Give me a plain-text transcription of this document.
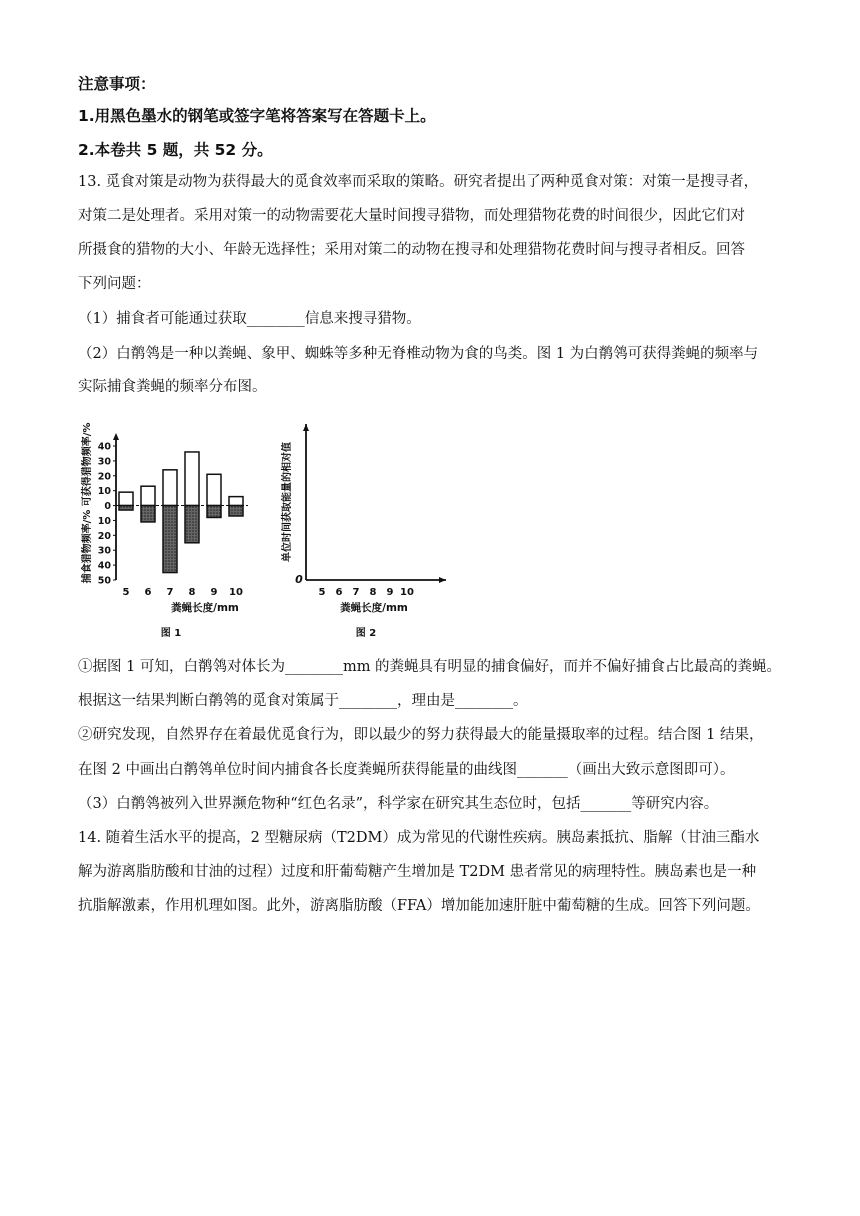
注意事项：
1.用黑色墨水的钢笔或签字笔将答案写在答题卡上。
2.本卷共 5 题，共 52 分。
13. 觅食对策是动物为获得最大的觅食效率而采取的策略。研究者提出了两种觅食对策：对策一是搜寻者，
对策二是处理者。采用对策一的动物需要花大量时间搜寻猎物，而处理猎物花费的时间很少，因此它们对
所摄食的猎物的大小、年龄无选择性；采用对策二的动物在搜寻和处理猎物花费时间与搜寻者相反。回答
下列问题：
（1）捕食者可能通过获取________信息来搜寻猎物。
（2）白鹡鸰是一种以粪蝇、象甲、蜘蛛等多种无脊椎动物为食的鸟类。图 1 为白鹡鸰可获得粪蝇的频率与
实际捕食粪蝇的频率分布图。
40
30
20
10
0
10
20
30
40
50
5 6 7 8 9 10
粪蝇长度/mm
图 1
捕食猎物频率/% 可获得猎物频率/%	0
5 6 7 8 9 10
粪蝇长度/mm
图 2
单位时间获取能量的相对值
①据图 1 可知，白鹡鸰对体长为________mm 的粪蝇具有明显的捕食偏好，而并不偏好捕食占比最高的粪蝇。
根据这一结果判断白鹡鸰的觅食对策属于________，理由是________。
②研究发现，自然界存在着最优觅食行为，即以最少的努力获得最大的能量摄取率的过程。结合图 1 结果，
在图 2 中画出白鹡鸰单位时间内捕食各长度粪蝇所获得能量的曲线图_______（画出大致示意图即可）。
（3）白鹡鸰被列入世界濒危物种“红色名录”，科学家在研究其生态位时，包括_______等研究内容。
14. 随着生活水平的提高，2 型糖尿病（T2DM）成为常见的代谢性疾病。胰岛素抵抗、脂解（甘油三酯水
解为游离脂肪酸和甘油的过程）过度和肝葡萄糖产生增加是 T2DM 患者常见的病理特性。胰岛素也是一种
抗脂解激素，作用机理如图。此外，游离脂肪酸（FFA）增加能加速肝脏中葡萄糖的生成。回答下列问题。
